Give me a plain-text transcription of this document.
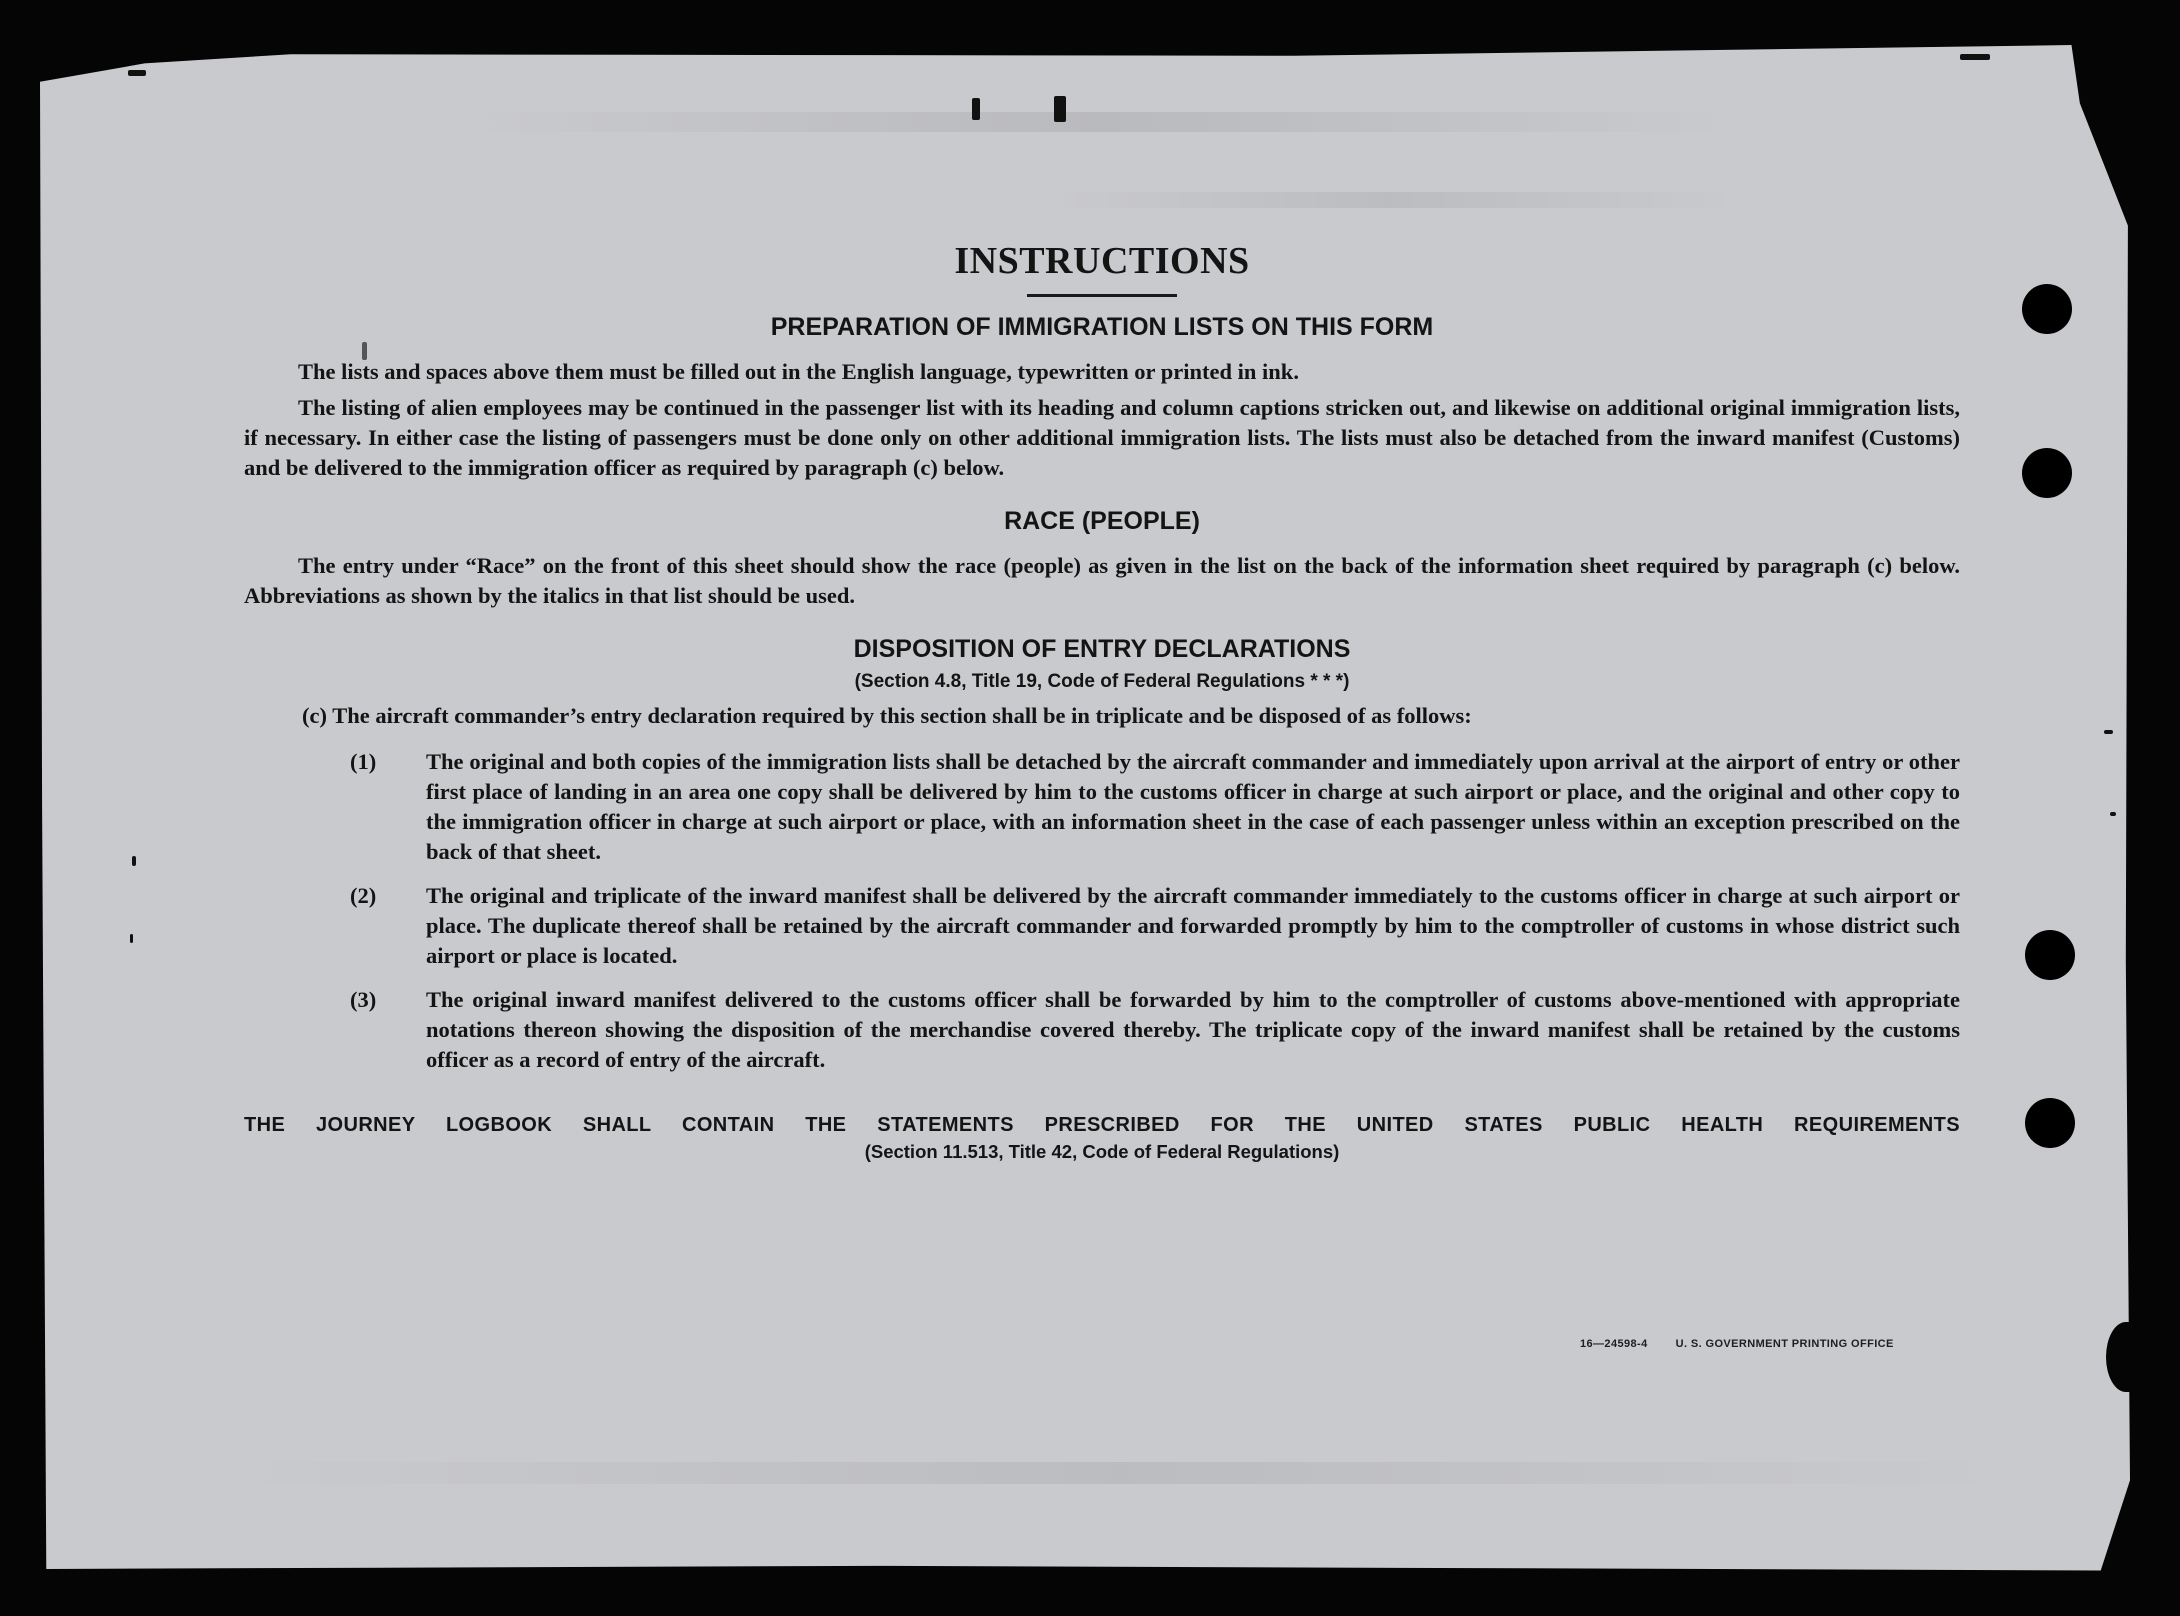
INSTRUCTIONS
PREPARATION OF IMMIGRATION LISTS ON THIS FORM

The lists and spaces above them must be filled out in the English language, typewritten or printed in ink.

The listing of alien employees may be continued in the passenger list with its heading and column captions stricken out, and likewise on additional original immigration lists, if necessary. In either case the listing of passengers must be done only on other additional immigration lists. The lists must also be detached from the inward manifest (Customs) and be delivered to the immigration officer as required by paragraph (c) below.

RACE (PEOPLE)

The entry under “Race” on the front of this sheet should show the race (people) as given in the list on the back of the information sheet required by paragraph (c) below. Abbreviations as shown by the italics in that list should be used.

DISPOSITION OF ENTRY DECLARATIONS
(Section 4.8, Title 19, Code of Federal Regulations * * *)

(c) The aircraft commander’s entry declaration required by this section shall be in triplicate and be disposed of as follows:

(1) The original and both copies of the immigration lists shall be detached by the aircraft commander and immediately upon arrival at the airport of entry or other first place of landing in an area one copy shall be delivered by him to the customs officer in charge at such airport or place, and the original and other copy to the immigration officer in charge at such airport or place, with an information sheet in the case of each passenger unless within an exception prescribed on the back of that sheet.
(2) The original and triplicate of the inward manifest shall be delivered by the aircraft commander immediately to the customs officer in charge at such airport or place. The duplicate thereof shall be retained by the aircraft commander and forwarded promptly by him to the comptroller of customs in whose district such airport or place is located.
(3) The original inward manifest delivered to the customs officer shall be forwarded by him to the comptroller of customs above-mentioned with appropriate notations thereon showing the disposition of the merchandise covered thereby. The triplicate copy of the inward manifest shall be retained by the customs officer as a record of entry of the aircraft.
THE JOURNEY LOGBOOK SHALL CONTAIN THE STATEMENTS PRESCRIBED FOR THE UNITED STATES PUBLIC HEALTH REQUIREMENTS
(Section 11.513, Title 42, Code of Federal Regulations)
16—24598-4	U. S. GOVERNMENT PRINTING OFFICE
